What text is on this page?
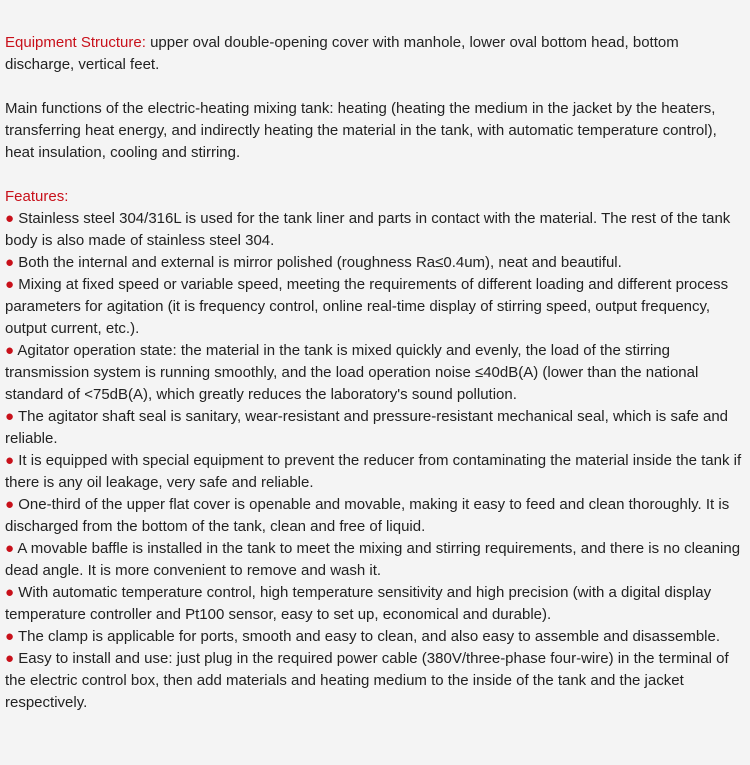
Equipment Structure: upper oval double-opening cover with manhole, lower oval bottom head, bottom discharge, vertical feet.

Main functions of the electric-heating mixing tank: heating (heating the medium in the jacket by the heaters, transferring heat energy, and indirectly heating the material in the tank, with automatic temperature control), heat insulation, cooling and stirring.

Features:

● Stainless steel 304/316L is used for the tank liner and parts in contact with the material. The rest of the tank body is also made of stainless steel 304.
● Both the internal and external is mirror polished (roughness Ra≤0.4um), neat and beautiful.
● Mixing at fixed speed or variable speed, meeting the requirements of different loading and different process parameters for agitation (it is frequency control, online real-time display of stirring speed, output frequency, output current, etc.).
● Agitator operation state: the material in the tank is mixed quickly and evenly, the load of the stirring transmission system is running smoothly, and the load operation noise ≤40dB(A) (lower than the national standard of <75dB(A), which greatly reduces the laboratory's sound pollution.
● The agitator shaft seal is sanitary, wear-resistant and pressure-resistant mechanical seal, which is safe and reliable.
● It is equipped with special equipment to prevent the reducer from contaminating the material inside the tank if there is any oil leakage, very safe and reliable.
● One-third of the upper flat cover is openable and movable, making it easy to feed and clean thoroughly. It is discharged from the bottom of the tank, clean and free of liquid.
● A movable baffle is installed in the tank to meet the mixing and stirring requirements, and there is no cleaning dead angle. It is more convenient to remove and wash it.
● With automatic temperature control, high temperature sensitivity and high precision (with a digital display temperature controller and Pt100 sensor, easy to set up, economical and durable).
● The clamp is applicable for ports, smooth and easy to clean, and also easy to assemble and disassemble.
● Easy to install and use: just plug in the required power cable (380V/three-phase four-wire) in the terminal of the electric control box, then add materials and heating medium to the inside of the tank and the jacket respectively.
